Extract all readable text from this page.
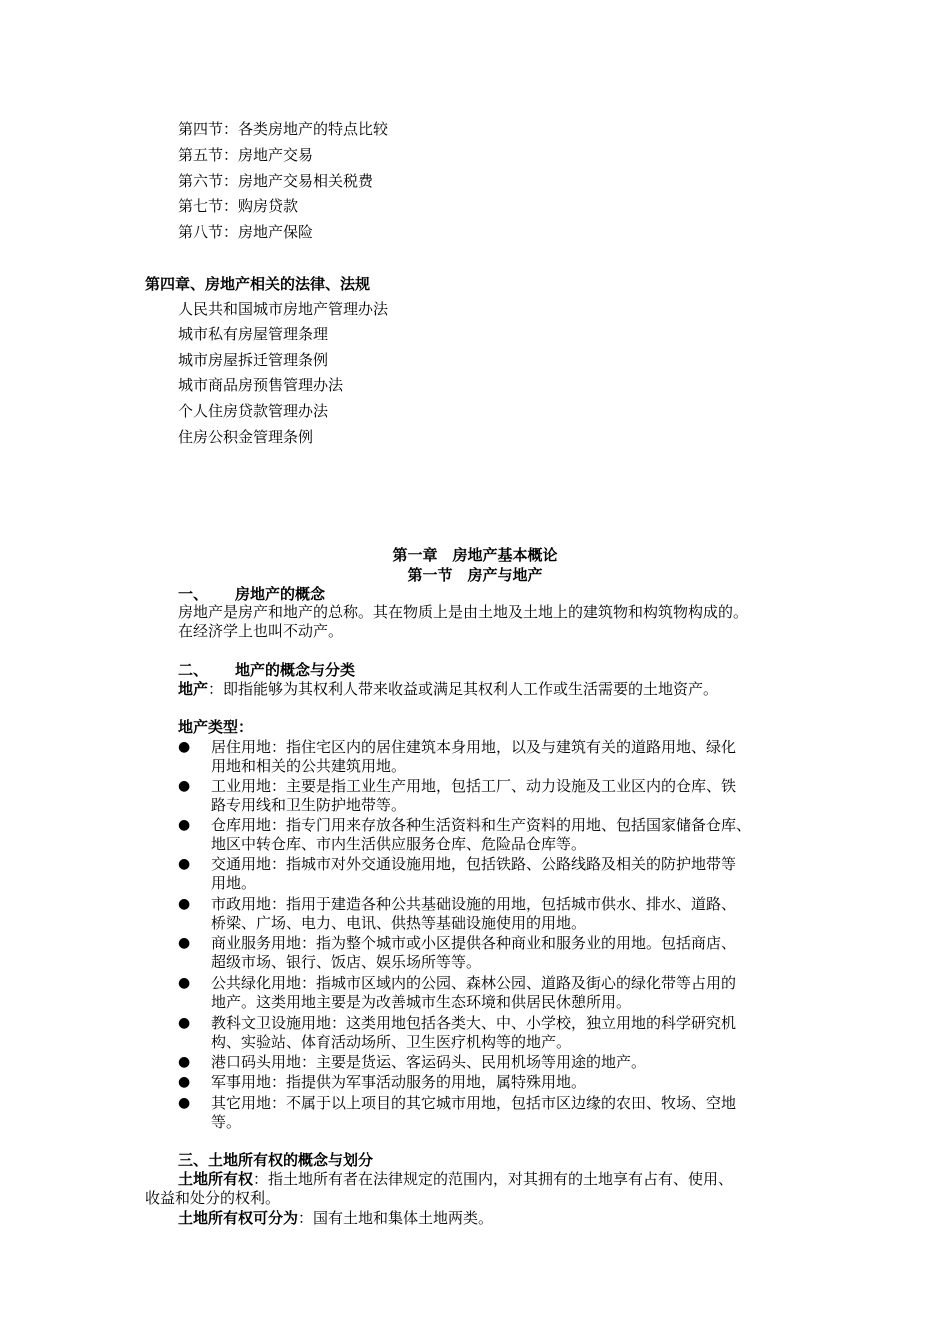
第四节：各类房地产的特点比较
第五节：房地产交易
第六节：房地产交易相关税费
第七节：购房贷款
第八节：房地产保险
第四章、房地产相关的法律、法规
人民共和国城市房地产管理办法
城市私有房屋管理条理
城市房屋拆迁管理条例
城市商品房预售管理办法
个人住房贷款管理办法
住房公积金管理条例
第一章　房地产基本概论
第一节　房产与地产
一、 房地产的概念
房地产是房产和地产的总称。其在物质上是由土地及土地上的建筑物和构筑物构成的。
在经济学上也叫不动产。
二、 地产的概念与分类
地产：即指能够为其权利人带来收益或满足其权利人工作或生活需要的土地资产。
地产类型：
● 居住用地：指住宅区内的居住建筑本身用地，以及与建筑有关的道路用地、绿化
用地和相关的公共建筑用地。
● 工业用地：主要是指工业生产用地，包括工厂、动力设施及工业区内的仓库、铁
路专用线和卫生防护地带等。
● 仓库用地：指专门用来存放各种生活资料和生产资料的用地、包括国家储备仓库、
地区中转仓库、市内生活供应服务仓库、危险品仓库等。
● 交通用地：指城市对外交通设施用地，包括铁路、公路线路及相关的防护地带等
用地。
● 市政用地：指用于建造各种公共基础设施的用地，包括城市供水、排水、道路、
桥梁、广场、电力、电讯、供热等基础设施使用的用地。
● 商业服务用地：指为整个城市或小区提供各种商业和服务业的用地。包括商店、
超级市场、银行、饭店、娱乐场所等等。
● 公共绿化用地：指城市区域内的公园、森林公园、道路及街心的绿化带等占用的
地产。这类用地主要是为改善城市生态环境和供居民休憩所用。
● 教科文卫设施用地：这类用地包括各类大、中、小学校，独立用地的科学研究机
构、实验站、体育活动场所、卫生医疗机构等的地产。
● 港口码头用地：主要是货运、客运码头、民用机场等用途的地产。
● 军事用地：指提供为军事活动服务的用地，属特殊用地。
● 其它用地：不属于以上项目的其它城市用地，包括市区边缘的农田、牧场、空地
等。
三、土地所有权的概念与划分
土地所有权：指土地所有者在法律规定的范围内，对其拥有的土地享有占有、使用、
收益和处分的权利。
土地所有权可分为：国有土地和集体土地两类。
